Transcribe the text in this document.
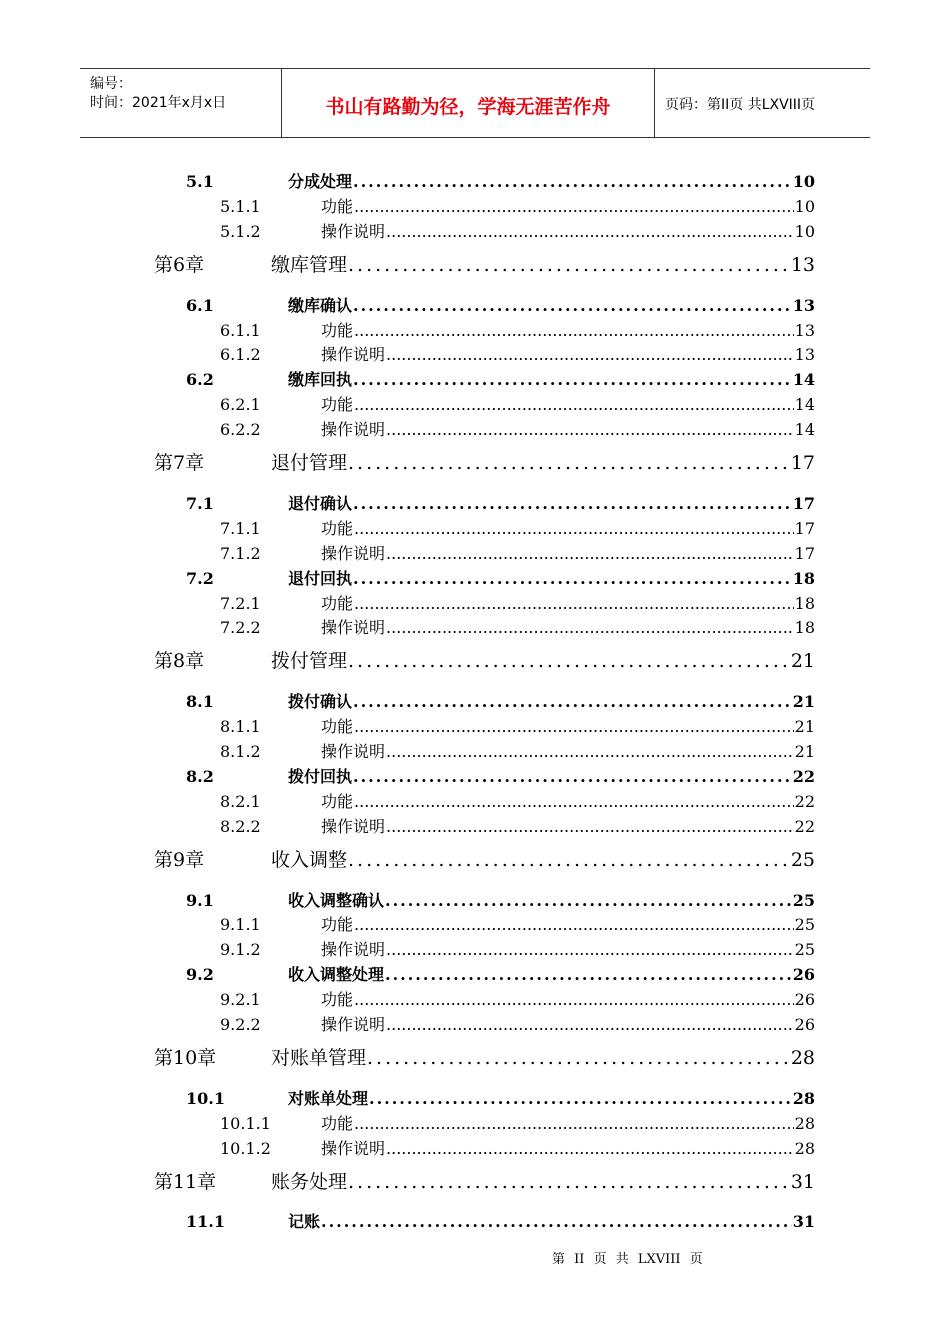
编号：
时间：2021年x月x日	书山有路勤为径，学海无涯苦作舟	页码：第II页 共LXVIII页
5.1	分成处理 .....	10
5.1.1	功能 .....	10
5.1.2	操作说明 .....	10
第6章	缴库管理 .....	13
6.1	缴库确认 .....	13
6.1.1	功能 .....	13
6.1.2	操作说明 .....	13
6.2	缴库回执 .....	14
6.2.1	功能 .....	14
6.2.2	操作说明 .....	14
第7章	退付管理 .....	17
7.1	退付确认 .....	17
7.1.1	功能 .....	17
7.1.2	操作说明 .....	17
7.2	退付回执 .....	18
7.2.1	功能 .....	18
7.2.2	操作说明 .....	18
第8章	拨付管理 .....	21
8.1	拨付确认 .....	21
8.1.1	功能 .....	21
8.1.2	操作说明 .....	21
8.2	拨付回执 .....	22
8.2.1	功能 .....	22
8.2.2	操作说明 .....	22
第9章	收入调整 .....	25
9.1	收入调整确认 .....	25
9.1.1	功能 .....	25
9.1.2	操作说明 .....	25
9.2	收入调整处理 .....	26
9.2.1	功能 .....	26
9.2.2	操作说明 .....	26
第10章	对账单管理 .....	28
10.1	对账单处理 .....	28
10.1.1	功能 .....	28
10.1.2	操作说明 .....	28
第11章	账务处理 .....	31
11.1	记账 .....	31
第 II 页 共 LXVIII 页
